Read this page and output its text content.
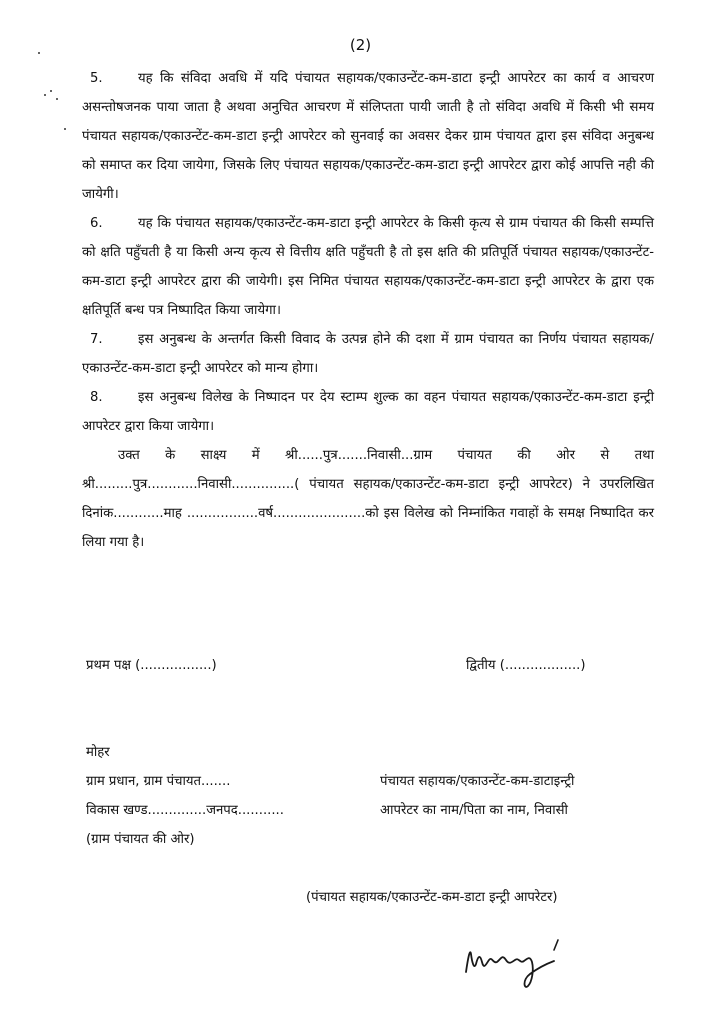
(2)

5.	यह कि संविदा अवधि में यदि पंचायत सहायक/एकाउन्टेंट-कम-डाटा इन्ट्री आपरेटर का कार्य व आचरण असन्तोषजनक पाया जाता है अथवा अनुचित आचरण में संलिप्तता पायी जाती है तो संविदा अवधि में किसी भी समय पंचायत सहायक/एकाउन्टेंट-कम-डाटा इन्ट्री आपरेटर को सुनवाई का अवसर देकर ग्राम पंचायत द्वारा इस संविदा अनुबन्ध को समाप्त कर दिया जायेगा, जिसके लिए पंचायत सहायक/एकाउन्टेंट-कम-डाटा इन्ट्री आपरेटर द्वारा कोई आपत्ति नही की जायेगी।

6.	यह कि पंचायत सहायक/एकाउन्टेंट-कम-डाटा इन्ट्री आपरेटर के किसी कृत्य से ग्राम पंचायत की किसी सम्पत्ति को क्षति पहुँचती है या किसी अन्य कृत्य से वित्तीय क्षति पहुँचती है तो इस क्षति की प्रतिपूर्ति पंचायत सहायक/एकाउन्टेंट-कम-डाटा इन्ट्री आपरेटर द्वारा की जायेगी। इस निमित पंचायत सहायक/एकाउन्टेंट-कम-डाटा इन्ट्री आपरेटर के द्वारा एक क्षतिपूर्ति बन्ध पत्र निष्पादित किया जायेगा।

7.	इस अनुबन्ध के अन्तर्गत किसी विवाद के उत्पन्न होने की दशा में ग्राम पंचायत का निर्णय पंचायत सहायक/एकाउन्टेंट-कम-डाटा इन्ट्री आपरेटर को मान्य होगा।

8.	इस अनुबन्ध विलेख के निष्पादन पर देय स्टाम्प शुल्क का वहन पंचायत सहायक/एकाउन्टेंट-कम-डाटा इन्ट्री आपरेटर द्वारा किया जायेगा।

उक्त के साक्ष्य में श्री......पुत्र.......निवासी...ग्राम पंचायत की ओर से तथा श्री.........पुत्र............निवासी...............( पंचायत सहायक/एकाउन्टेंट-कम-डाटा इन्ट्री आपरेटर) ने उपरलिखित दिनांक............माह .................वर्ष......................को इस विलेख को निम्नांकित गवाहों के समक्ष निष्पादित कर लिया गया है।

प्रथम पक्ष (.................)	द्वितीय (..................)
मोहर
ग्राम प्रधान, ग्राम पंचायत.......
विकास खण्ड..............जनपद...........
(ग्राम पंचायत की ओर)
पंचायत सहायक/एकाउन्टेंट-कम-डाटाइन्ट्री
आपरेटर का नाम/पिता का नाम, निवासी
(पंचायत सहायक/एकाउन्टेंट-कम-डाटा इन्ट्री आपरेटर)
